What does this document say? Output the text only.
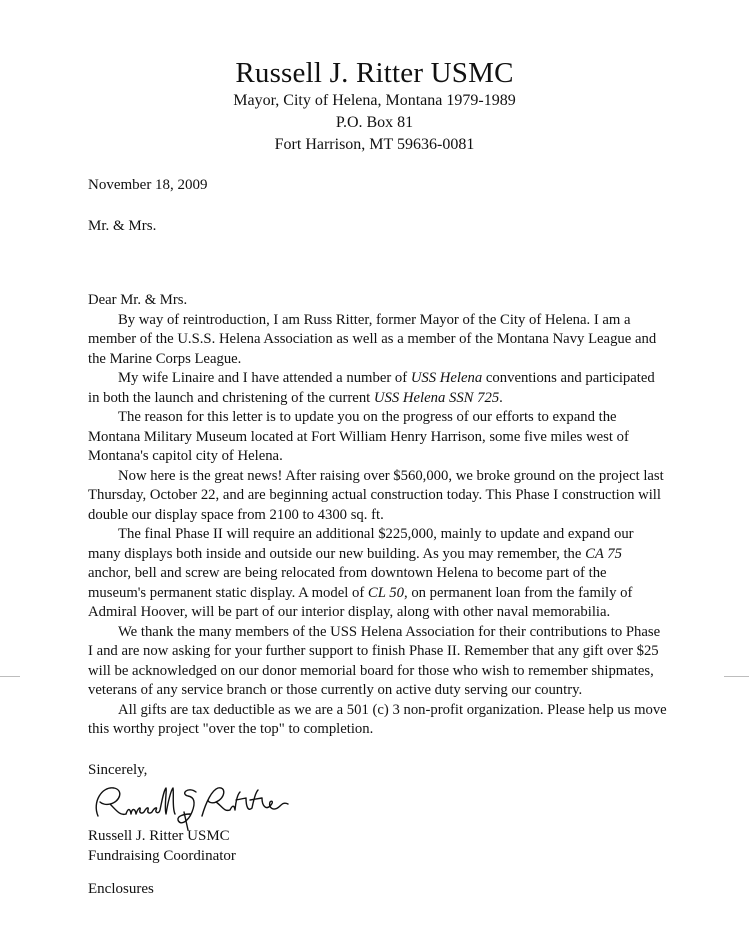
Russell J. Ritter USMC
Mayor, City of Helena, Montana 1979-1989
P.O. Box 81
Fort Harrison, MT 59636-0081
November 18, 2009
Mr. & Mrs.

Dear Mr. & Mrs.

By way of reintroduction, I am Russ Ritter, former Mayor of the City of Helena. I am a member of the U.S.S. Helena Association as well as a member of the Montana Navy League and the Marine Corps League.

My wife Linaire and I have attended a number of USS Helena conventions and participated in both the launch and christening of the current USS Helena SSN 725.

The reason for this letter is to update you on the progress of our efforts to expand the Montana Military Museum located at Fort William Henry Harrison, some five miles west of Montana's capitol city of Helena.

Now here is the great news! After raising over $560,000, we broke ground on the project last Thursday, October 22, and are beginning actual construction today. This Phase I construction will double our display space from 2100 to 4300 sq. ft.

The final Phase II will require an additional $225,000, mainly to update and expand our many displays both inside and outside our new building. As you may remember, the CA 75 anchor, bell and screw are being relocated from downtown Helena to become part of the museum's permanent static display. A model of CL 50, on permanent loan from the family of Admiral Hoover, will be part of our interior display, along with other naval memorabilia.

We thank the many members of the USS Helena Association for their contributions to Phase I and are now asking for your further support to finish Phase II. Remember that any gift over $25 will be acknowledged on our donor memorial board for those who wish to remember shipmates, veterans of any service branch or those currently on active duty serving our country.

All gifts are tax deductible as we are a 501 (c) 3 non-profit organization. Please help us move this worthy project "over the top" to completion.

Sincerely,
Russell J. Ritter USMC
Fundraising Coordinator
Enclosures
